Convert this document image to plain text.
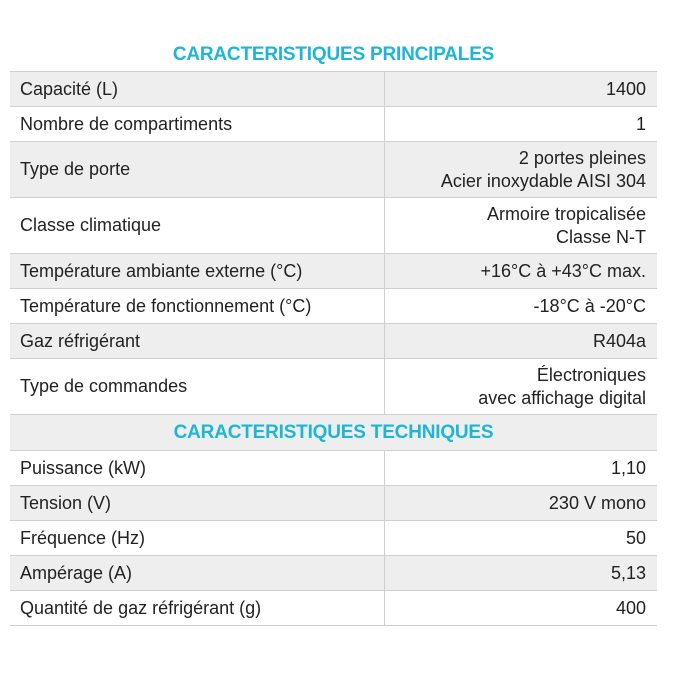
CARACTERISTIQUES PRINCIPALES
Capacité (L)	1400
Nombre de compartiments	1
Type de porte	2 portes pleines
Acier inoxydable AISI 304

Classe climatique	Armoire tropicalisée
Classe N-T

Température ambiante externe (°C)	+16°C à +43°C max.
Température de fonctionnement (°C)	-18°C à -20°C
Gaz réfrigérant	R404a
Type de commandes	Électroniques
avec affichage digital
CARACTERISTIQUES TECHNIQUES
Puissance (kW)	1,10
Tension (V)	230 V mono
Fréquence (Hz)	50
Ampérage (A)	5,13
Quantité de gaz réfrigérant (g)	400
